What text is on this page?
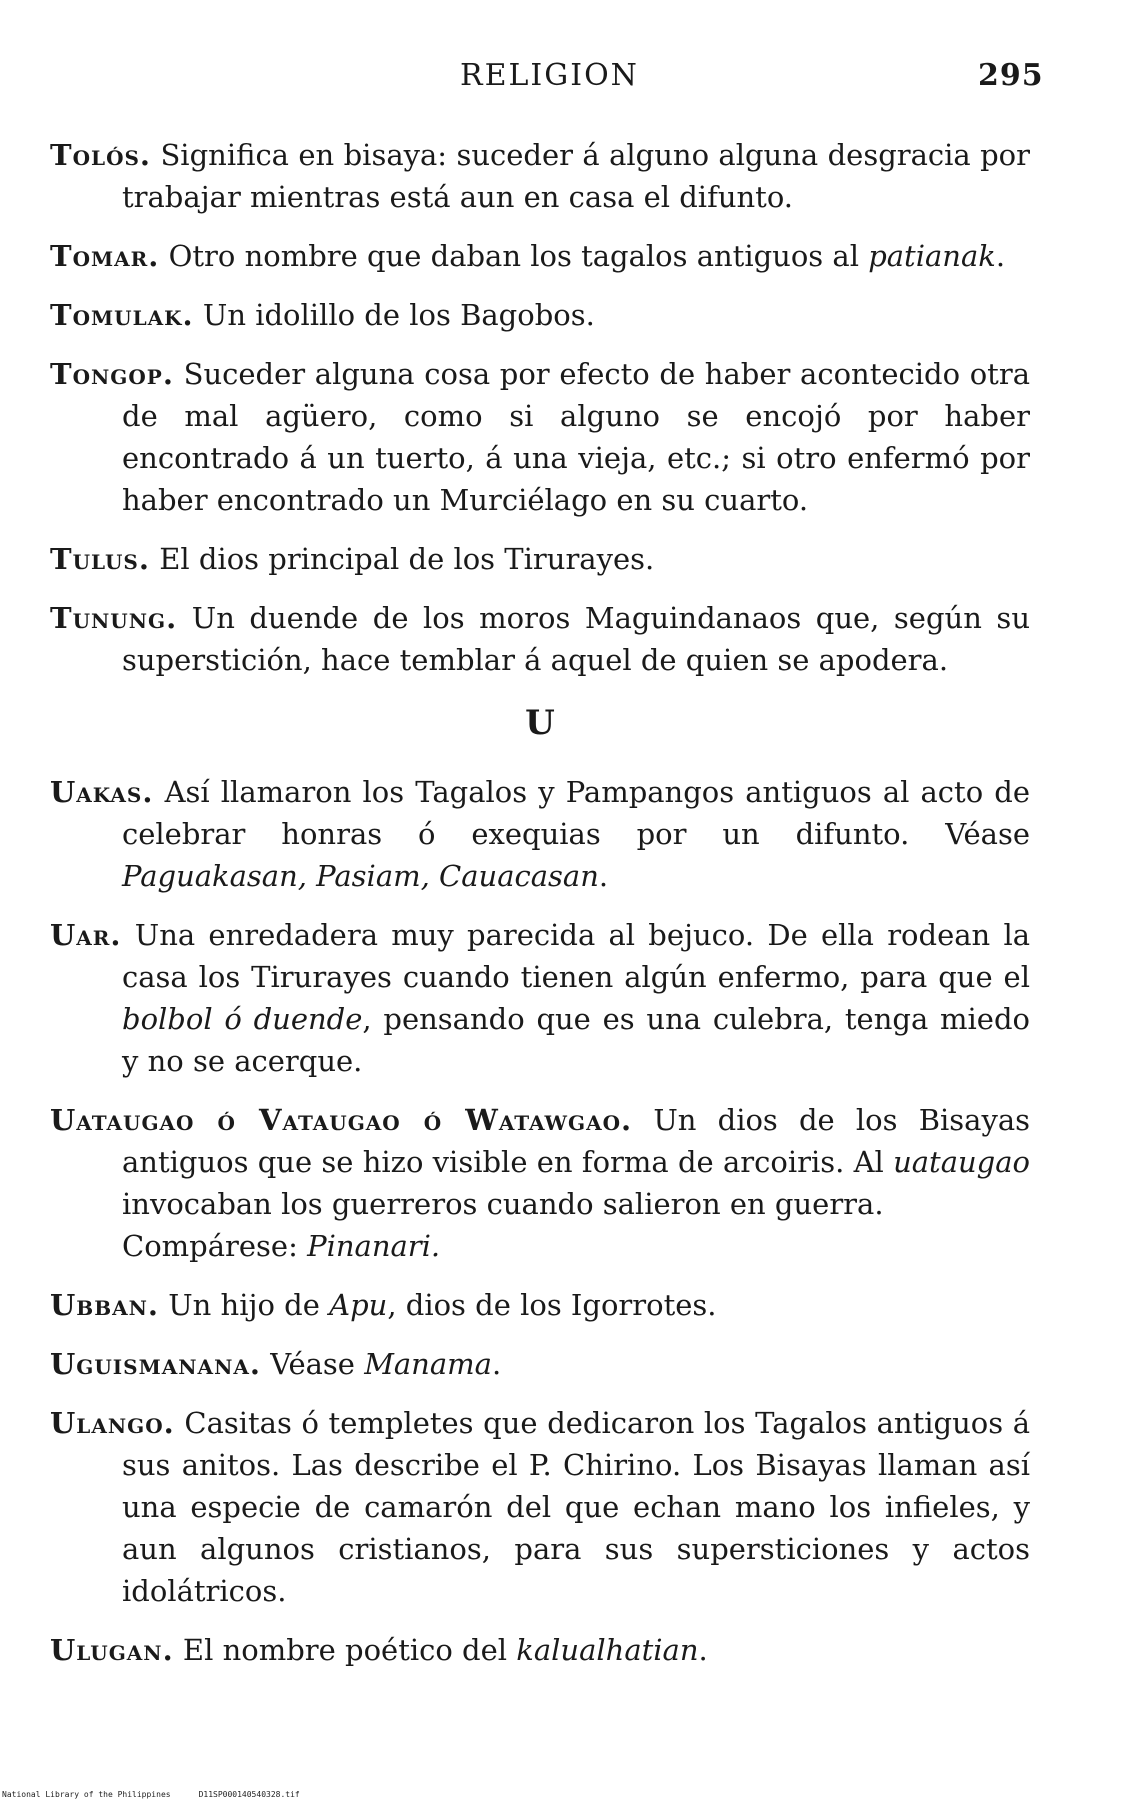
RELIGION	295

Tolós. Significa en bisaya: suceder á alguno alguna desgracia por trabajar mientras está aun en casa el difunto.

Tomar. Otro nombre que daban los tagalos antiguos al patianak.

Tomulak. Un idolillo de los Bagobos.

Tongop. Suceder alguna cosa por efecto de haber acontecido otra de mal agüero, como si alguno se encojó por haber encontrado á un tuerto, á una vieja, etc.; si otro enfermó por haber encontrado un Murciélago en su cuarto.

Tulus. El dios principal de los Tirurayes.

Tunung. Un duende de los moros Maguindanaos que, según su superstición, hace temblar á aquel de quien se apodera.

U

Uakas. Así llamaron los Tagalos y Pampangos antiguos al acto de celebrar honras ó exequias por un difunto. Véase Paguakasan, Pasiam, Cauacasan.

Uar. Una enredadera muy parecida al bejuco. De ella rodean la casa los Tirurayes cuando tienen algún enfermo, para que el bolbol ó duende, pensando que es una culebra, tenga miedo y no se acerque.

Uataugao ó Vataugao ó Watawgao. Un dios de los Bisayas antiguos que se hizo visible en forma de arcoiris. Al uataugao invocaban los guerreros cuando salieron en guerra.
Compárese: Pinanari.

Ubban. Un hijo de Apu, dios de los Igorrotes.

Uguismanana. Véase Manama.

Ulango. Casitas ó templetes que dedicaron los Tagalos antiguos á sus anitos. Las describe el P. Chirino. Los Bisayas llaman así una especie de camarón del que echan mano los infieles, y aun algunos cristianos, para sus supersticiones y actos idolátricos.

Ulugan. El nombre poético del kalualhatian.

National Library of the Philippines	D11SP000140540328.tif
